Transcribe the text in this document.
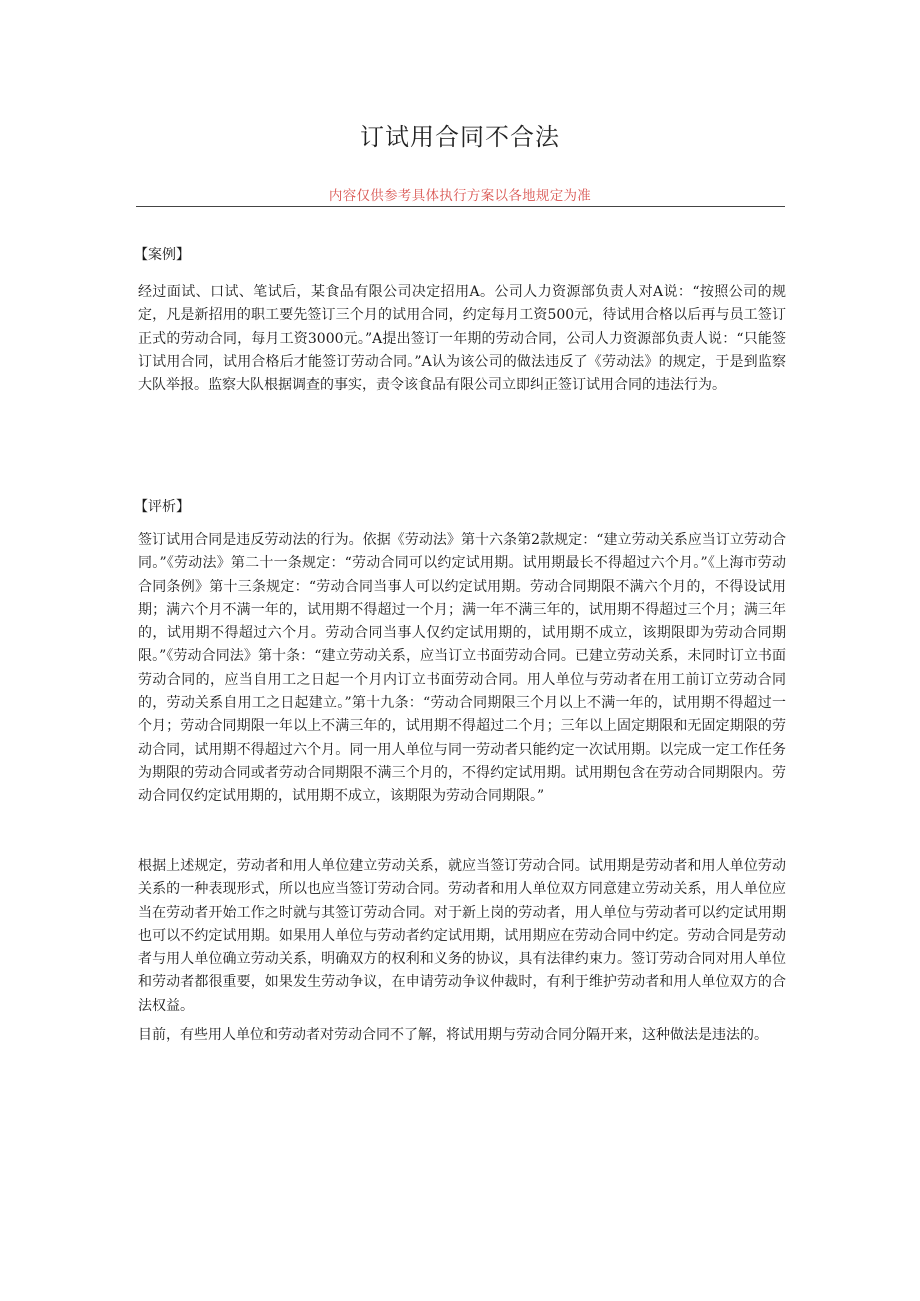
订试用合同不合法
内容仅供参考具体执行方案以各地规定为准
【案例】

经过面试、口试、笔试后，某食品有限公司决定招用A。公司人力资源部负责人对A说：“按照公司的规定，凡是新招用的职工要先签订三个月的试用合同，约定每月工资500元，待试用合格以后再与员工签订正式的劳动合同，每月工资3000元。”A提出签订一年期的劳动合同，公司人力资源部负责人说：“只能签订试用合同，试用合格后才能签订劳动合同。”A认为该公司的做法违反了《劳动法》的规定，于是到监察大队举报。监察大队根据调查的事实，责令该食品有限公司立即纠正签订试用合同的违法行为。

【评析】

签订试用合同是违反劳动法的行为。依据《劳动法》第十六条第2款规定：“建立劳动关系应当订立劳动合同。”《劳动法》第二十一条规定：“劳动合同可以约定试用期。试用期最长不得超过六个月。”《上海市劳动合同条例》第十三条规定：“劳动合同当事人可以约定试用期。劳动合同期限不满六个月的，不得设试用期；满六个月不满一年的，试用期不得超过一个月；满一年不满三年的，试用期不得超过三个月；满三年的，试用期不得超过六个月。劳动合同当事人仅约定试用期的，试用期不成立，该期限即为劳动合同期限。”《劳动合同法》第十条：“建立劳动关系，应当订立书面劳动合同。已建立劳动关系，未同时订立书面劳动合同的，应当自用工之日起一个月内订立书面劳动合同。用人单位与劳动者在用工前订立劳动合同的，劳动关系自用工之日起建立。”第十九条：“劳动合同期限三个月以上不满一年的，试用期不得超过一个月；劳动合同期限一年以上不满三年的，试用期不得超过二个月；三年以上固定期限和无固定期限的劳动合同，试用期不得超过六个月。同一用人单位与同一劳动者只能约定一次试用期。以完成一定工作任务为期限的劳动合同或者劳动合同期限不满三个月的，不得约定试用期。试用期包含在劳动合同期限内。劳动合同仅约定试用期的，试用期不成立，该期限为劳动合同期限。”

根据上述规定，劳动者和用人单位建立劳动关系，就应当签订劳动合同。试用期是劳动者和用人单位劳动关系的一种表现形式，所以也应当签订劳动合同。劳动者和用人单位双方同意建立劳动关系，用人单位应当在劳动者开始工作之时就与其签订劳动合同。对于新上岗的劳动者，用人单位与劳动者可以约定试用期也可以不约定试用期。如果用人单位与劳动者约定试用期，试用期应在劳动合同中约定。劳动合同是劳动者与用人单位确立劳动关系，明确双方的权利和义务的协议，具有法律约束力。签订劳动合同对用人单位和劳动者都很重要，如果发生劳动争议，在申请劳动争议仲裁时，有利于维护劳动者和用人单位双方的合法权益。

目前，有些用人单位和劳动者对劳动合同不了解，将试用期与劳动合同分隔开来，这种做法是违法的。
